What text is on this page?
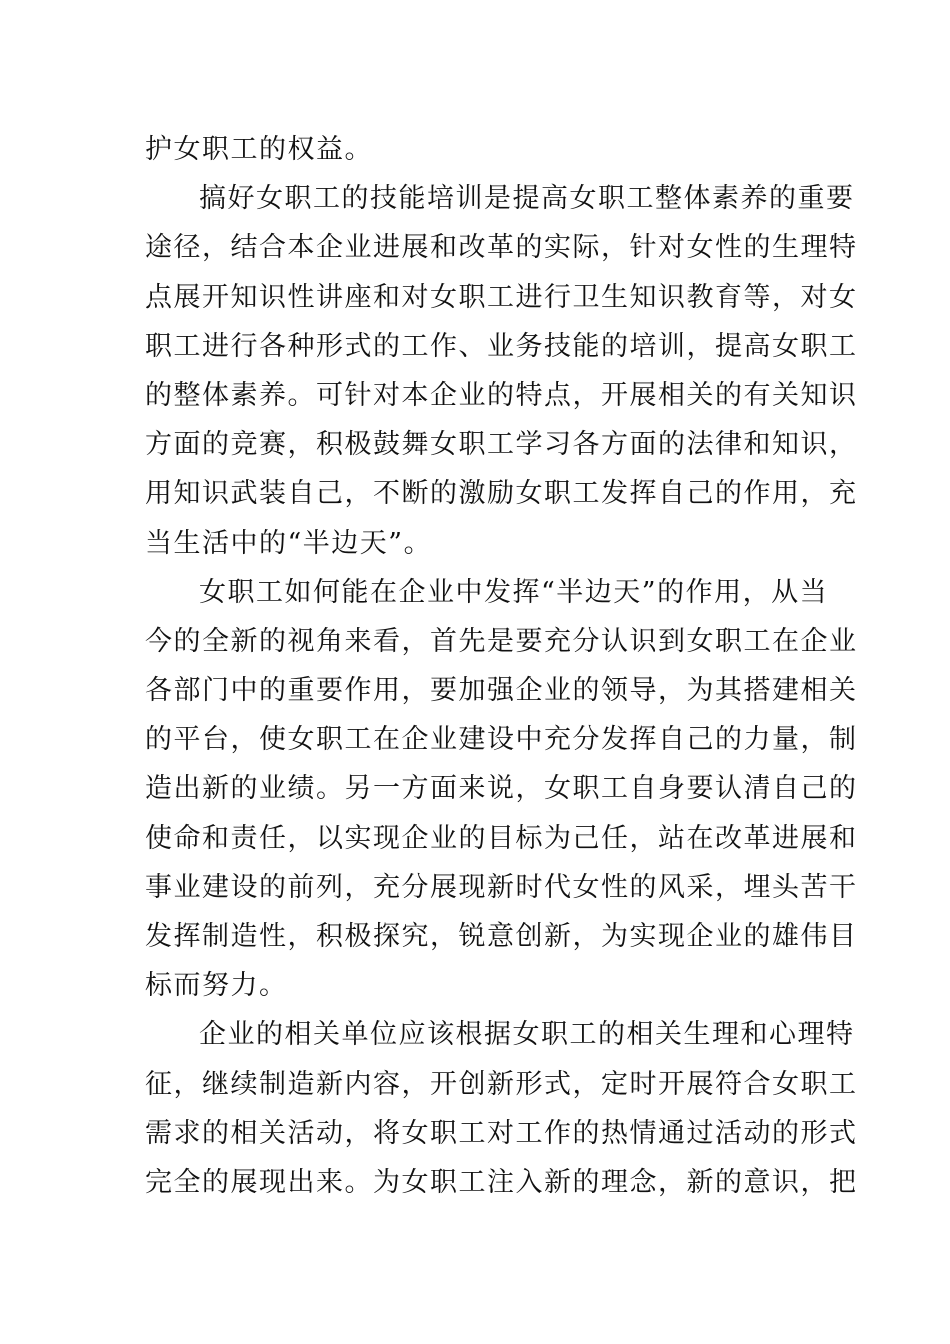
护女职工的权益。
搞好女职工的技能培训是提高女职工整体素养的重要
途径，结合本企业进展和改革的实际，针对女性的生理特
点展开知识性讲座和对女职工进行卫生知识教育等，对女
职工进行各种形式的工作、业务技能的培训，提高女职工
的整体素养。可针对本企业的特点，开展相关的有关知识
方面的竞赛，积极鼓舞女职工学习各方面的法律和知识，
用知识武装自己，不断的激励女职工发挥自己的作用，充
当生活中的“半边天”。
女职工如何能在企业中发挥“半边天”的作用，从当
今的全新的视角来看，首先是要充分认识到女职工在企业
各部门中的重要作用，要加强企业的领导，为其搭建相关
的平台，使女职工在企业建设中充分发挥自己的力量，制
造出新的业绩。另一方面来说，女职工自身要认清自己的
使命和责任，以实现企业的目标为己任，站在改革进展和
事业建设的前列，充分展现新时代女性的风采，埋头苦干
发挥制造性，积极探究，锐意创新，为实现企业的雄伟目
标而努力。
企业的相关单位应该根据女职工的相关生理和心理特
征，继续制造新内容，开创新形式，定时开展符合女职工
需求的相关活动，将女职工对工作的热情通过活动的形式
完全的展现出来。为女职工注入新的理念，新的意识，把
